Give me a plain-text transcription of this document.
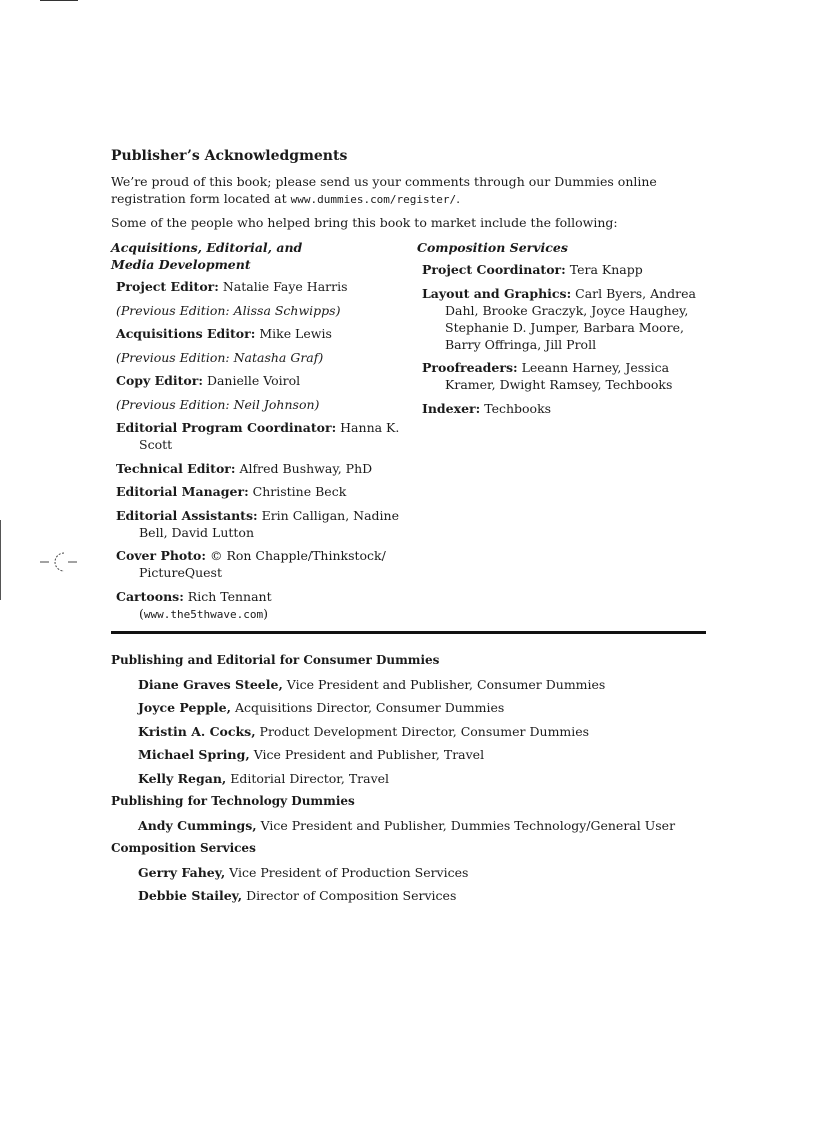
Publisher’s Acknowledgments

We’re proud of this book; please send us your comments through our Dummies online registration form located at www.dummies.com/register/.

Some of the people who helped bring this book to market include the following:

Acquisitions, Editorial, and
Media Development
Project Editor: Natalie Faye Harris
(Previous Edition: Alissa Schwipps)
Acquisitions Editor: Mike Lewis
(Previous Edition: Natasha Graf)
Copy Editor: Danielle Voirol
(Previous Edition: Neil Johnson)
Editorial Program Coordinator: Hanna K. Scott
Technical Editor: Alfred Bushway, PhD
Editorial Manager: Christine Beck
Editorial Assistants: Erin Calligan, Nadine Bell, David Lutton
Cover Photo: © Ron Chapple/Thinkstock/ PictureQuest
Cartoons: Rich Tennant
(www.the5thwave.com)
Composition Services
Project Coordinator: Tera Knapp
Layout and Graphics: Carl Byers, Andrea Dahl, Brooke Graczyk, Joyce Haughey, Stephanie D. Jumper, Barbara Moore, Barry Offringa, Jill Proll
Proofreaders: Leeann Harney, Jessica Kramer, Dwight Ramsey, Techbooks
Indexer: Techbooks
Publishing and Editorial for Consumer Dummies
Diane Graves Steele, Vice President and Publisher, Consumer Dummies
Joyce Pepple, Acquisitions Director, Consumer Dummies
Kristin A. Cocks, Product Development Director, Consumer Dummies
Michael Spring, Vice President and Publisher, Travel
Kelly Regan, Editorial Director, Travel
Publishing for Technology Dummies
Andy Cummings, Vice President and Publisher, Dummies Technology/General User
Composition Services
Gerry Fahey, Vice President of Production Services
Debbie Stailey, Director of Composition Services
